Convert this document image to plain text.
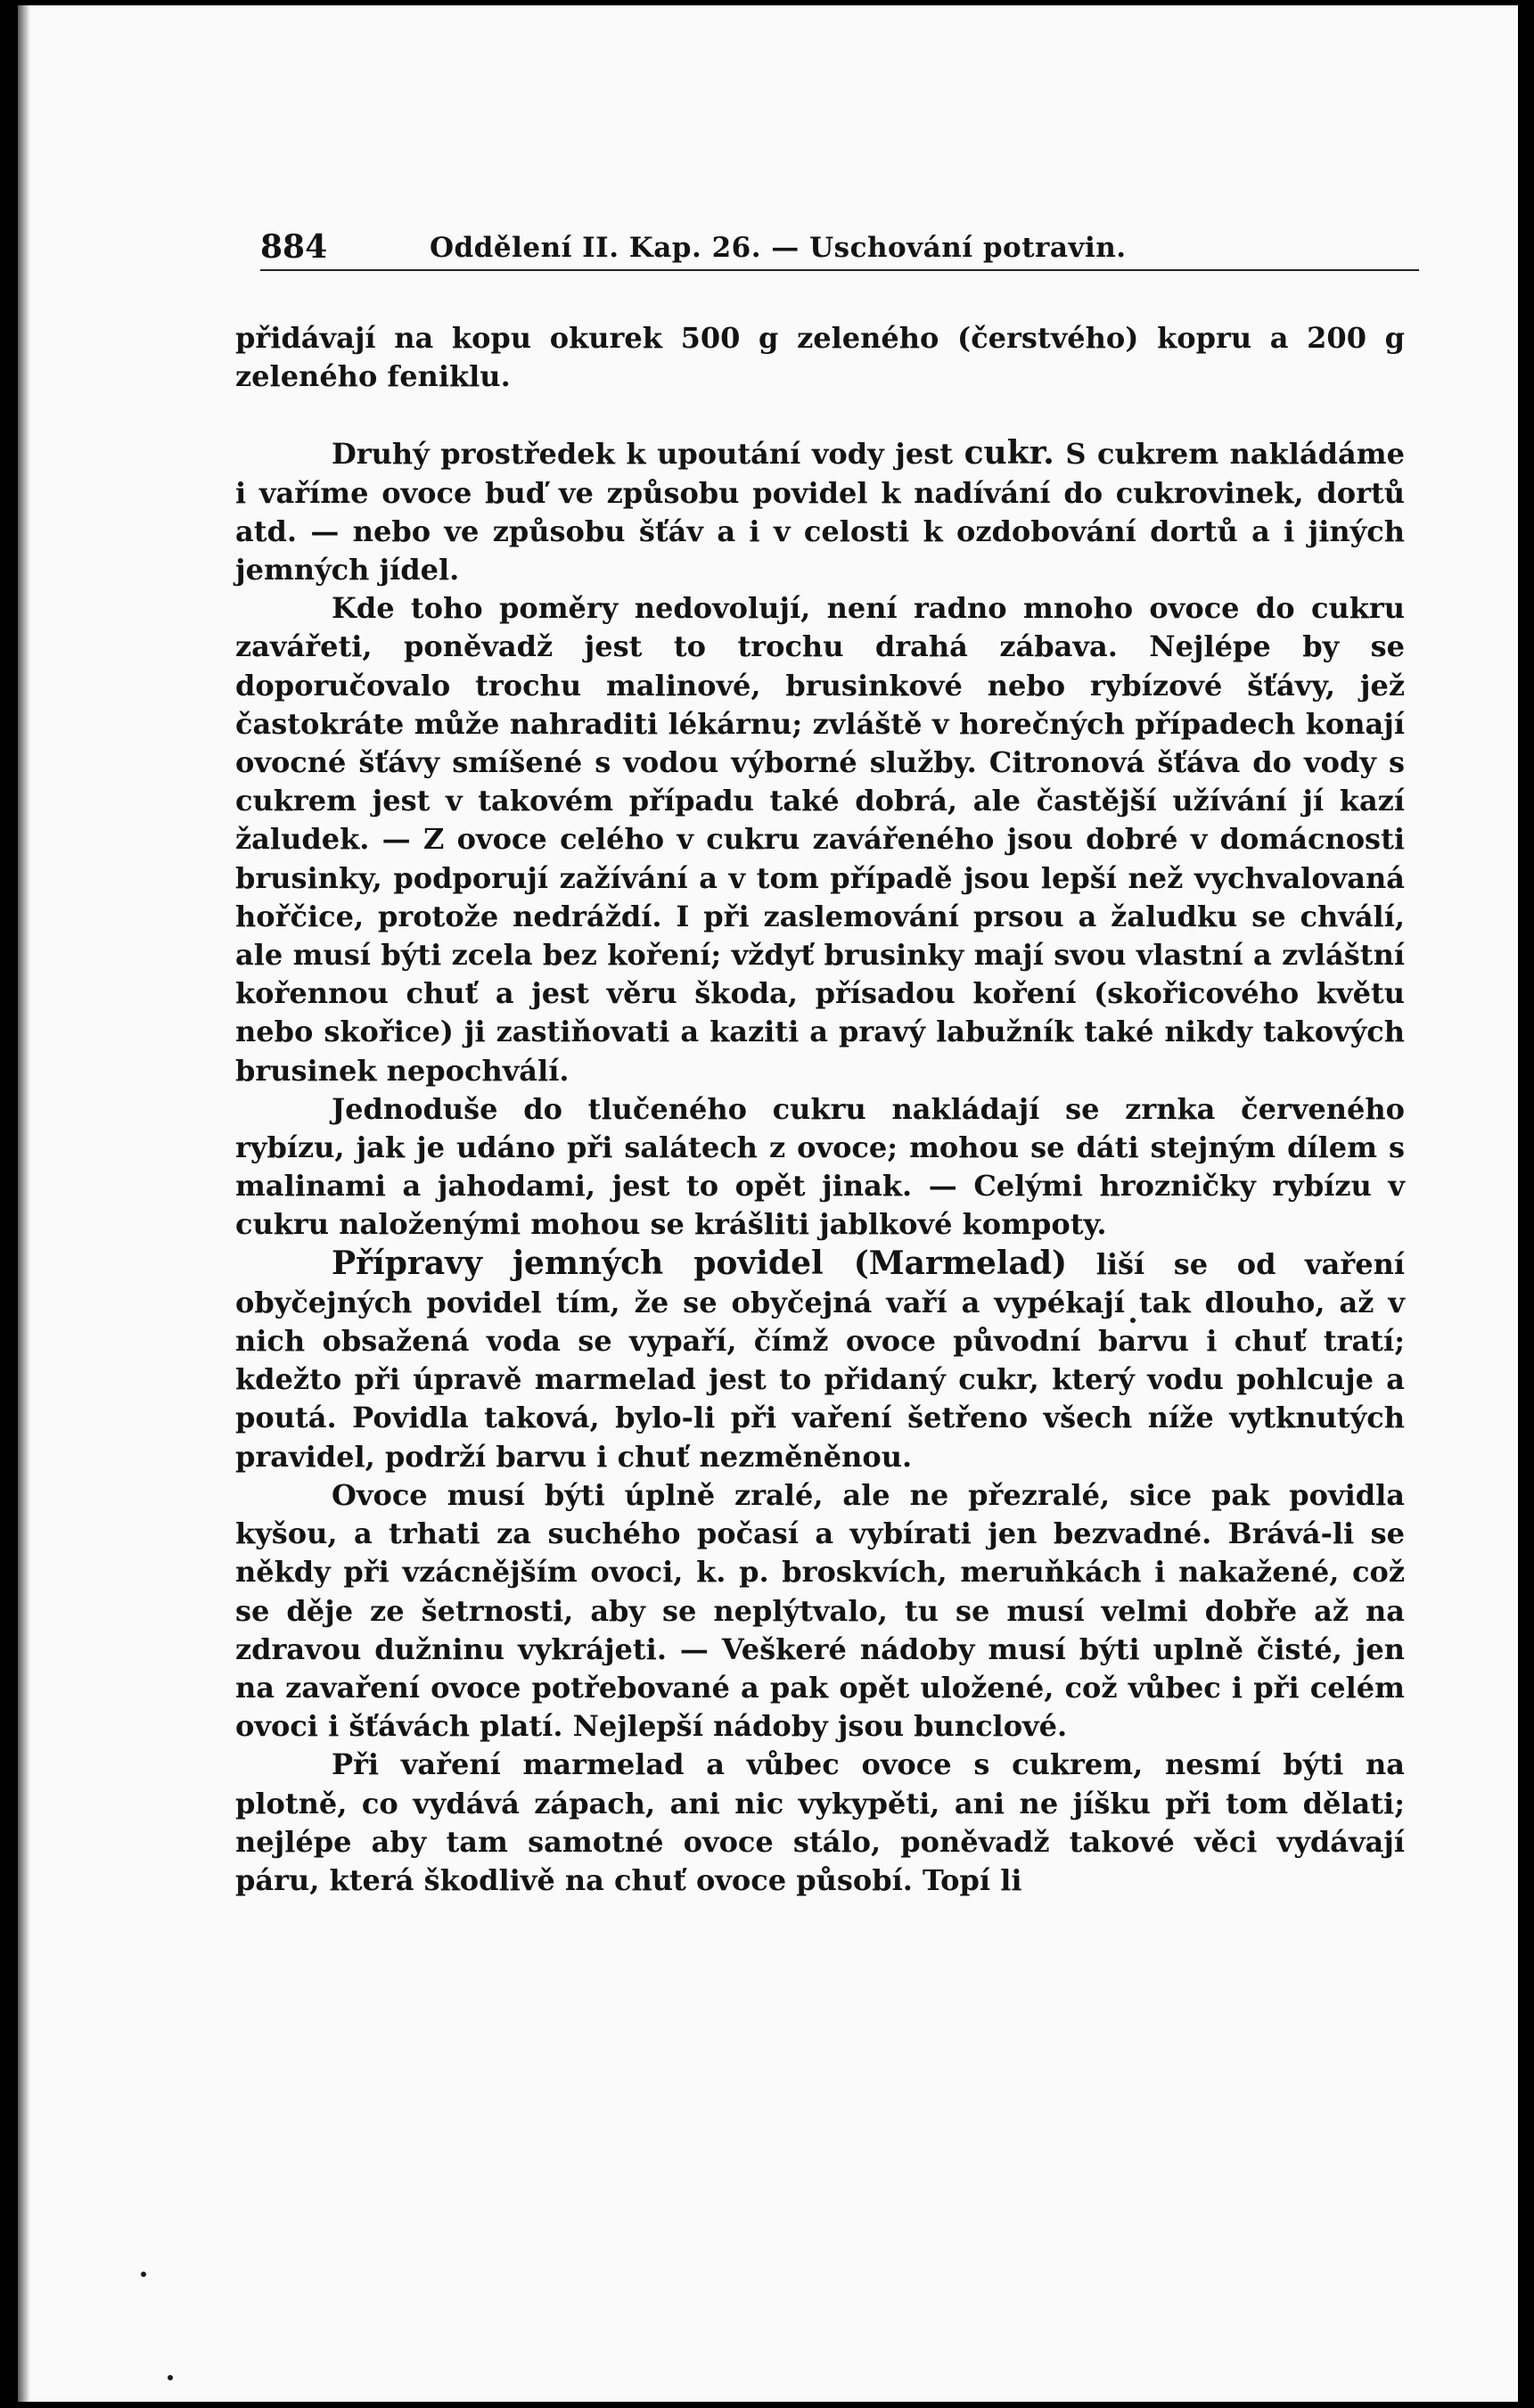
884	Oddělení II. Kap. 26. — Uschování potravin.

přidávají na kopu okurek 500 g zeleného (čerstvého) kopru a 200 g zeleného feniklu.

Druhý prostředek k upoutání vody jest cukr. S cukrem nakládáme i vaříme ovoce buď ve způsobu povidel k nadívání do cukrovinek, dortů atd. — nebo ve způsobu šťáv a i v celosti k ozdobování dortů a i jiných jemných jídel.

Kde toho poměry nedovolují, není radno mnoho ovoce do cukru zavářeti, poněvadž jest to trochu drahá zábava. Nejlépe by se doporučovalo trochu malinové, brusinkové nebo rybízové šťávy, jež častokráte může nahraditi lékárnu; zvláště v horečných případech konají ovocné šťávy smíšené s vodou výborné služby. Citronová šťáva do vody s cukrem jest v takovém případu také dobrá, ale častější užívání jí kazí žaludek. — Z ovoce celého v cukru zavářeného jsou dobré v domácnosti brusinky, podporují zažívání a v tom případě jsou lepší než vychvalovaná hořčice, protože nedráždí. I při zaslemování prsou a žaludku se chválí, ale musí býti zcela bez koření; vždyť brusinky mají svou vlastní a zvláštní kořennou chuť a jest věru škoda, přísadou koření (skořicového květu nebo skořice) ji zastiňovati a kaziti a pravý labužník také nikdy takových brusinek nepochválí.

Jednoduše do tlučeného cukru nakládají se zrnka červeného rybízu, jak je udáno při salátech z ovoce; mohou se dáti stejným dílem s malinami a jahodami, jest to opět jinak. — Celými hrozničky rybízu v cukru naloženými mohou se krášliti jablkové kompoty.

Přípravy jemných povidel (Marmelad) liší se od vaření obyčejných povidel tím, že se obyčejná vaří a vypékají tak dlouho, až v nich obsažená voda se vypaří, čímž ovoce původní barvu i chuť tratí; kdežto při úpravě marmelad jest to přidaný cukr, který vodu pohlcuje a poutá. Povidla taková, bylo-li při vaření šetřeno všech níže vytknutých pravidel, podrží barvu i chuť nezměněnou.

Ovoce musí býti úplně zralé, ale ne přezralé, sice pak povidla kyšou, a trhati za suchého počasí a vybírati jen bezvadné. Brává-li se někdy při vzácnějším ovoci, k. p. broskvích, meruňkách i nakažené, což se děje ze šetrnosti, aby se neplýtvalo, tu se musí velmi dobře až na zdravou dužninu vykrájeti. — Veškeré nádoby musí býti uplně čisté, jen na zavaření ovoce potřebované a pak opět uložené, což vůbec i při celém ovoci i šťávách platí. Nejlepší nádoby jsou bunclové.

Při vaření marmelad a vůbec ovoce s cukrem, nesmí býti na plotně, co vydává zápach, ani nic vykypěti, ani ne jíšku při tom dělati; nejlépe aby tam samotné ovoce stálo, poněvadž takové věci vydávají páru, která škodlivě na chuť ovoce působí. Topí li
